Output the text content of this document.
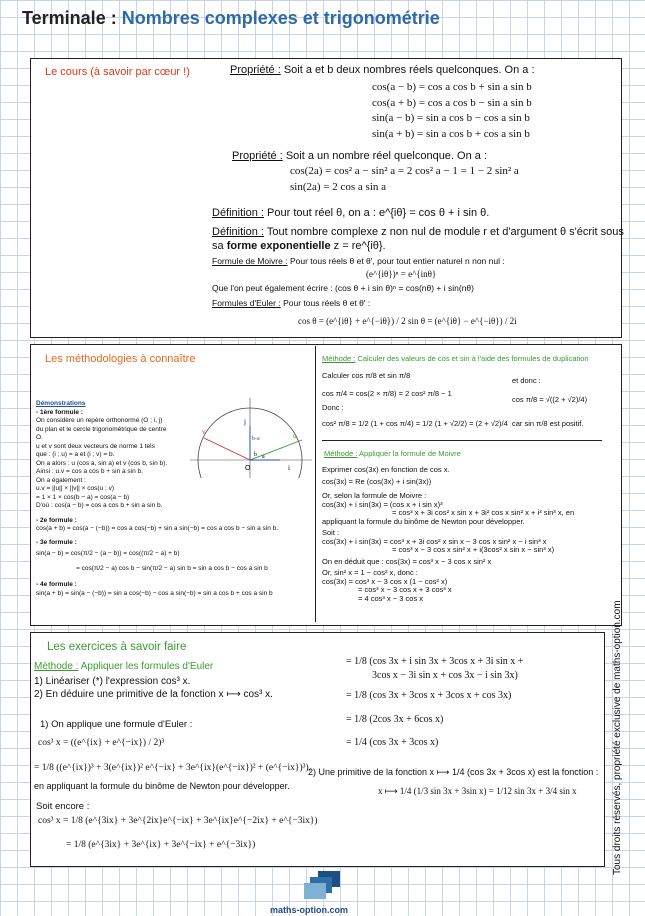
Terminale : Nombres complexes et trigonométrie
Le cours (à savoir par cœur !)	Propriété : Soit a et b deux nombres réels quelconques. On a :
cos(a − b) = cos a cos b + sin a sin b
cos(a + b) = cos a cos b − sin a sin b
sin(a − b) = sin a cos b − cos a sin b
sin(a + b) = sin a cos b + cos a sin b
Propriété : Soit a un nombre réel quelconque. On a :
cos(2a) = cos² a − sin² a = 2 cos² a − 1 = 1 − 2 sin² a
sin(2a) = 2 cos a sin a
Définition : Pour tout réel θ, on a : e^{iθ} = cos θ + i sin θ.
Définition : Tout nombre complexe z non nul de module r et d'argument θ s'écrit sous
sa forme exponentielle z = re^{iθ}.
Formule de Moivre : Pour tous réels θ et θ', pour tout entier naturel n non nul :
(e^{iθ})ⁿ = e^{inθ}
Que l'on peut également écrire : (cos θ + i sin θ)ⁿ = cos(nθ) + i sin(nθ)
Formules d'Euler : Pour tous réels θ et θ' :
cos θ = (e^{iθ} + e^{−iθ}) / 2 sin θ = (e^{iθ} − e^{−iθ}) / 2i
Les méthodologies à connaître
j
i
O
u
v
b a
b-a
Démonstrations
- 1ère formule :
On considère un repère orthonormé (O ; i, j)
du plan et le cercle trigonométrique de centre
O.
u et v sont deux vecteurs de norme 1 tels
que : (i ; u) = a et (i ; v) = b.
On a alors : u (cos a, sin a) et v (cos b, sin b).
Ainsi : u.v = cos a cos b + sin a sin b.
On a également :
u.v = ||u|| × ||v|| × cos(u ; v)
= 1 × 1 × cos(b − a) = cos(a − b)
D'où : cos(a − b) = cos a cos b + sin a sin b.
- 2e formule :
cos(a + b) = cos(a − (−b)) = cos a cos(−b) + sin a sin(−b) = cos a cos b − sin a sin b.
- 3e formule :
sin(a − b) = cos(π/2 − (a − b)) = cos((π/2 − a) + b)
= cos(π/2 − a) cos b − sin(π/2 − a) sin b = sin a cos b − cos a sin b
- 4e formule :
sin(a + b) = sin(a − (−b)) = sin a cos(−b) − cos a sin(−b) = sin a cos b + cos a sin b
Méthode : Calculer des valeurs de cos et sin à l'aide des formules de duplication
Calculer cos π/8 et sin π/8
cos π/4 = cos(2 × π/8) = 2 cos² π/8 − 1
Donc :
cos² π/8 = 1/2 (1 + cos π/4) = 1/2 (1 + √2/2) = (2 + √2)/4
et donc :
cos π/8 = √((2 + √2)/4)
car sin π/8 est positif.
Méthode : Appliquer la formule de Moivre
Exprimer cos(3x) en fonction de cos x.
cos(3x) = Re (cos(3x) + i sin(3x))
Or, selon la formule de Moivre :
cos(3x) + i sin(3x) = (cos x + i sin x)³
= cos³ x + 3i cos² x sin x + 3i² cos x sin² x + i³ sin³ x, en
appliquant la formule du binôme de Newton pour développer.
Soit :
cos(3x) + i sin(3x) = cos³ x + 3i cos² x sin x − 3 cos x sin² x − i sin³ x
= cos³ x − 3 cos x sin² x + i(3cos² x sin x − sin³ x)
On en déduit que : cos(3x) = cos³ x − 3 cos x sin² x
Or, sin² x = 1 − cos² x, donc :
cos(3x) = cos³ x − 3 cos x (1 − cos² x)
= cos³ x − 3 cos x + 3 cos³ x
= 4 cos³ x − 3 cos x
Les exercices à savoir faire
Méthode : Appliquer les formules d'Euler
1) Linéariser (*) l'expression cos³ x.
2) En déduire une primitive de la fonction x ⟼ cos³ x.
1) On applique une formule d'Euler :
cos³ x = ((e^{ix} + e^{−ix}) / 2)³
= 1/8 ((e^{ix})³ + 3(e^{ix})² e^{−ix} + 3e^{ix}(e^{−ix})² + (e^{−ix})³),
en appliquant la formule du binôme de Newton pour développer.
Soit encore :
cos³ x = 1/8 (e^{3ix} + 3e^{2ix}e^{−ix} + 3e^{ix}e^{−2ix} + e^{−3ix})
= 1/8 (e^{3ix} + 3e^{ix} + 3e^{−ix} + e^{−3ix})
= 1/8 (cos 3x + i sin 3x + 3cos x + 3i sin x +
3cos x − 3i sin x + cos 3x − i sin 3x)
= 1/8 (cos 3x + 3cos x + 3cos x + cos 3x)
= 1/8 (2cos 3x + 6cos x)
= 1/4 (cos 3x + 3cos x)
2) Une primitive de la fonction x ⟼ 1/4 (cos 3x + 3cos x) est la fonction :
x ⟼ 1/4 (1/3 sin 3x + 3sin x) = 1/12 sin 3x + 3/4 sin x	Tous droits réservés, propriété exclusive de maths-option.com
maths-option.com
